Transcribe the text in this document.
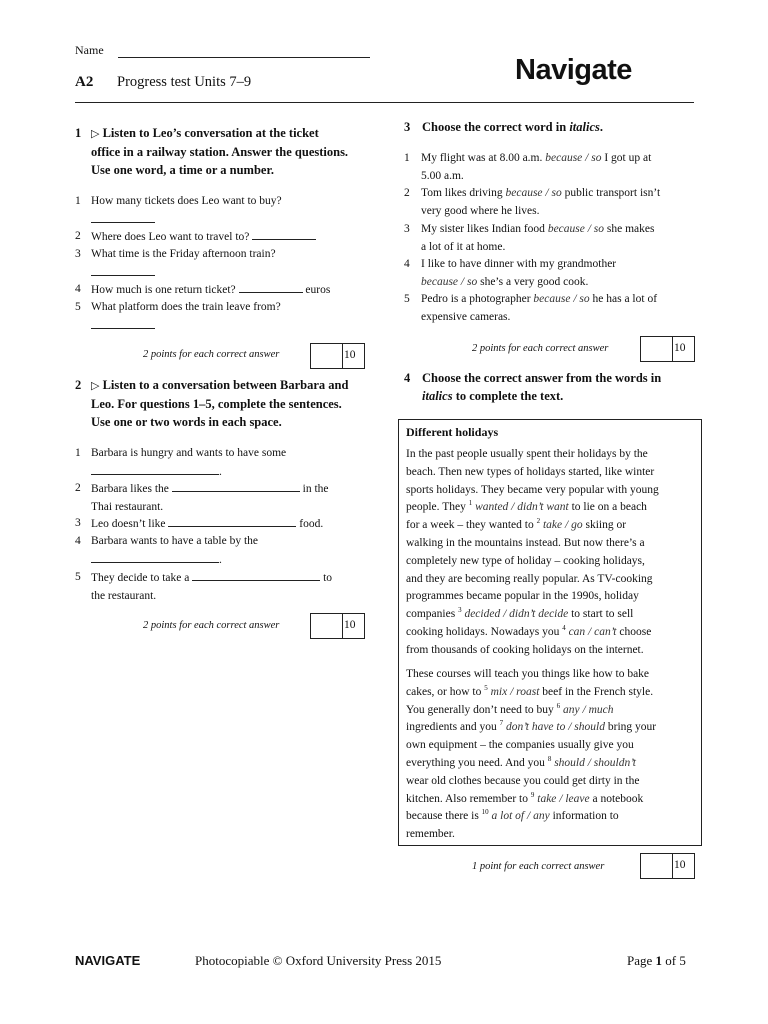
Name
A2 Progress test Units 7–9	Navigate
1 ▷ Listen to Leo’s conversation at the ticket
office in a railway station. Answer the questions.
Use one word, a time or a number.
1 How many tickets does Leo want to buy?

2 Where does Leo want to travel to?
3 What time is the Friday afternoon train?

4 How much is one return ticket?	euros
5 What platform does the train leave from?

2 points for each correct answer	10
2 ▷ Listen to a conversation between Barbara and
Leo. For questions 1–5, complete the sentences.
Use one or two words in each space.
1 Barbara is hungry and wants to have some
.
2 Barbara likes the	in the
Thai restaurant.
3 Leo doesn’t like	food.
4 Barbara wants to have a table by the
.
5 They decide to take a	to
the restaurant.
2 points for each correct answer	10
3 Choose the correct word in italics.
1 My flight was at 8.00 a.m. because / so I got up at
5.00 a.m.
2 Tom likes driving because / so public transport isn’t
very good where he lives.
3 My sister likes Indian food because / so she makes
a lot of it at home.
4 I like to have dinner with my grandmother
because / so she’s a very good cook.
5 Pedro is a photographer because / so he has a lot of
expensive cameras.
2 points for each correct answer	10
4 Choose the correct answer from the words in
italics to complete the text.
Different holidays
In the past people usually spent their holidays by the
beach. Then new types of holidays started, like winter
sports holidays. They became very popular with young
people. They $^1$ wanted / didn’t want to lie on a beach
for a week – they wanted to $^2$ take / go skiing or
walking in the mountains instead. But now there’s a
completely new type of holiday – cooking holidays,
and they are becoming really popular. As TV-cooking
programmes became popular in the 1990s, holiday
companies $^3$ decided / didn’t decide to start to sell
cooking holidays. Nowadays you $^4$ can / can’t choose
from thousands of cooking holidays on the internet.
These courses will teach you things like how to bake
cakes, or how to $^5$ mix / roast beef in the French style.
You generally don’t need to buy $^6$ any / much
ingredients and you $^7$ don’t have to / should bring your
own equipment – the companies usually give you
everything you need. And you $^8$ should / shouldn’t
wear old clothes because you could get dirty in the
kitchen. Also remember to $^9$ take / leave a notebook
because there is $^{10}$ a lot of / any information to
remember.
1 point for each correct answer	10
NAVIGATE	Photocopiable © Oxford University Press 2015	Page 1 of 5
